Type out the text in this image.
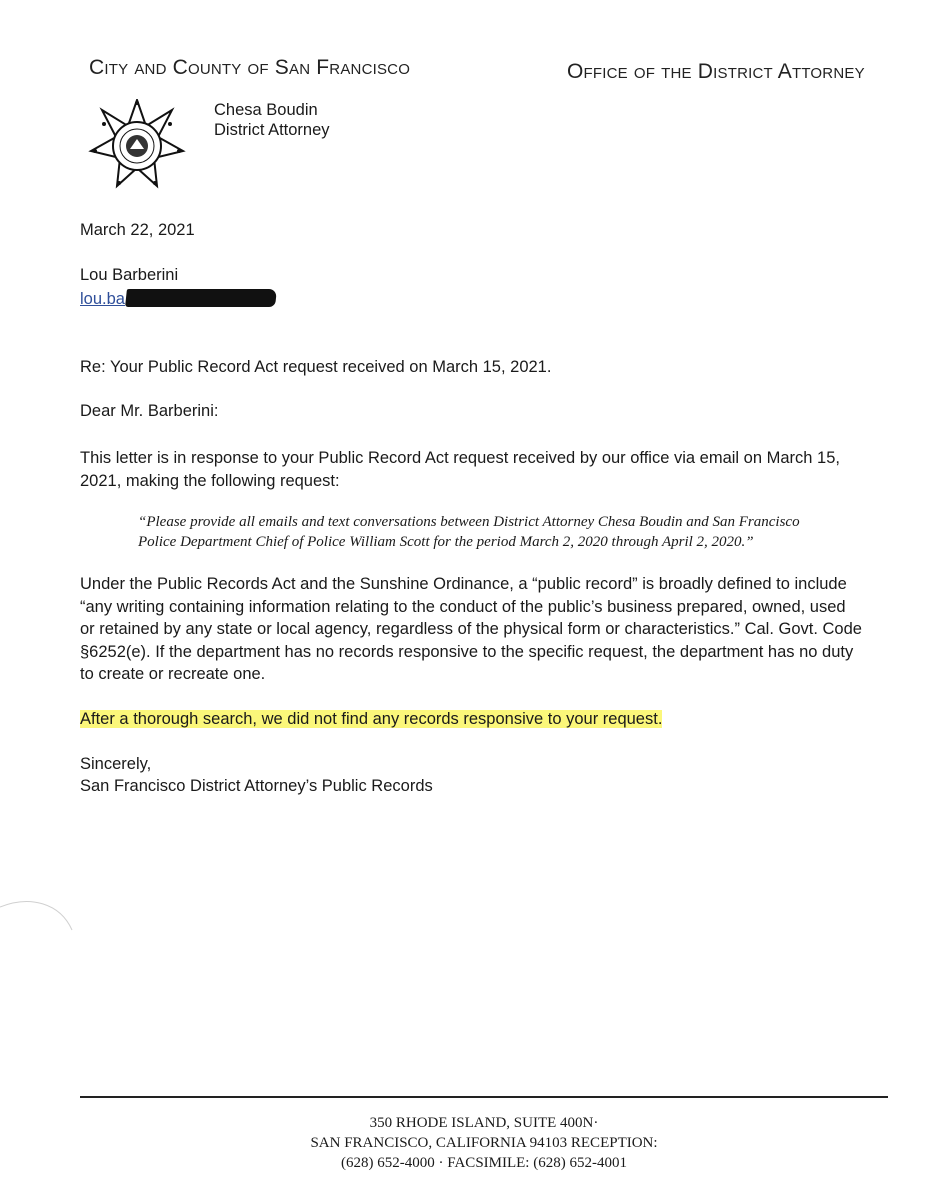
City and County of San Francisco	Office of the District Attorney
Chesa Boudin
District Attorney
March 22, 2021
Lou Barberini
lou.ba
Re: Your Public Record Act request received on March 15, 2021.
Dear Mr. Barberini:
This letter is in response to your Public Record Act request received by our office via email on March 15,
2021, making the following request:
“Please provide all emails and text conversations between District Attorney Chesa Boudin and San Francisco
Police Department Chief of Police William Scott for the period March 2, 2020 through April 2, 2020.”
Under the Public Records Act and the Sunshine Ordinance, a “public record” is broadly defined to include
“any writing containing information relating to the conduct of the public’s business prepared, owned, used
or retained by any state or local agency, regardless of the physical form or characteristics.” Cal. Govt. Code
§6252(e). If the department has no records responsive to the specific request, the department has no duty
to create or recreate one.
After a thorough search, we did not find any records responsive to your request.
Sincerely,
San Francisco District Attorney’s Public Records
350 RHODE ISLAND, SUITE 400N·
SAN FRANCISCO, CALIFORNIA 94103 RECEPTION:
(628) 652-4000 · FACSIMILE: (628) 652-4001
